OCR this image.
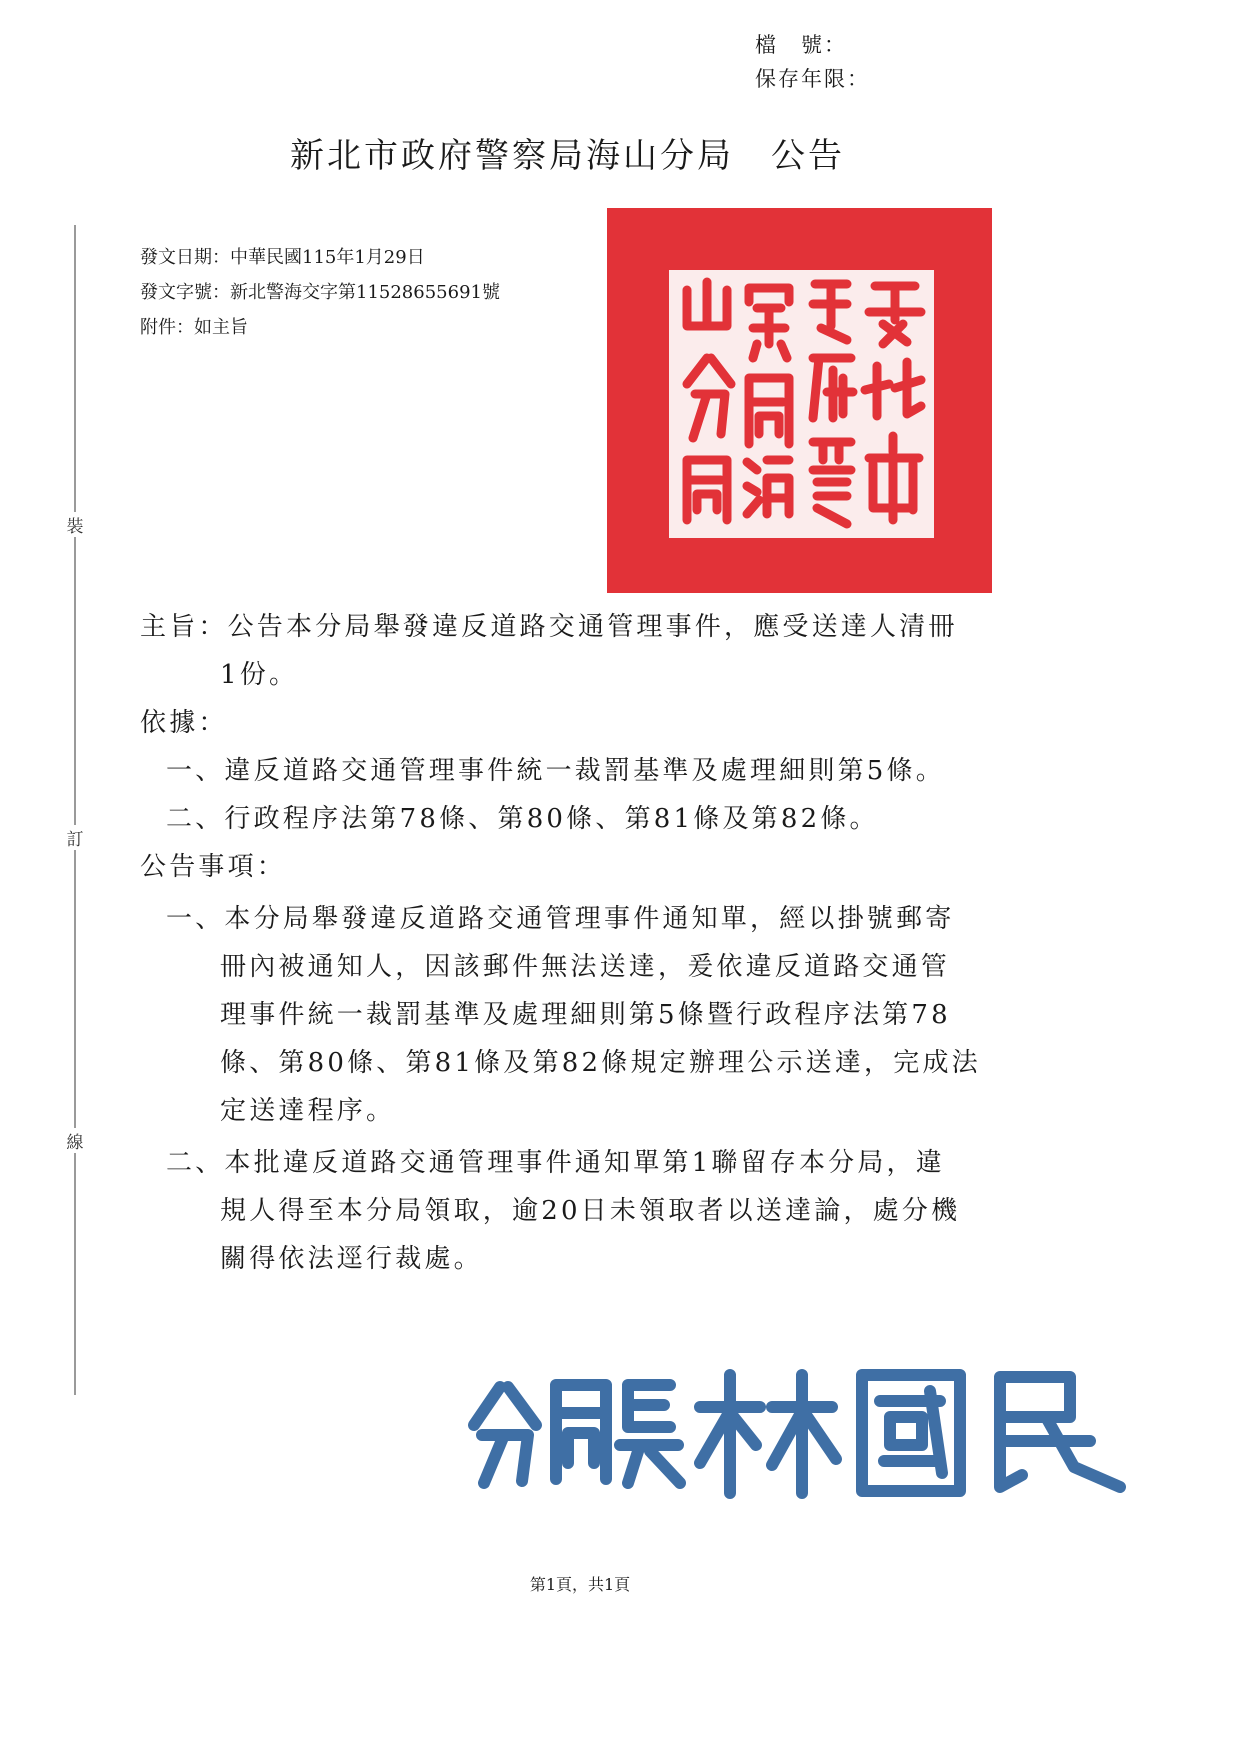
檔　號：
保存年限：
新北市政府警察局海山分局　公告
發文日期：中華民國115年1月29日
發文字號：新北警海交字第11528655691號
附件：如主旨
裝
訂
線
主旨： 公告本分局舉發違反道路交通管理事件，應受送達人清冊
1份。
依據：
一、 違反道路交通管理事件統一裁罰基準及處理細則第5條。
二、 行政程序法第78條、第80條、第81條及第82條。
公告事項：
一、 本分局舉發違反道路交通管理事件通知單，經以掛號郵寄
冊內被通知人，因該郵件無法送達，爰依違反道路交通管
理事件統一裁罰基準及處理細則第5條暨行政程序法第78
條、第80條、第81條及第82條規定辦理公示送達，完成法
定送達程序。
二、 本批違反道路交通管理事件通知單第1聯留存本分局，違
規人得至本分局領取，逾20日未領取者以送達論，處分機
關得依法逕行裁處。
第1頁，共1頁
